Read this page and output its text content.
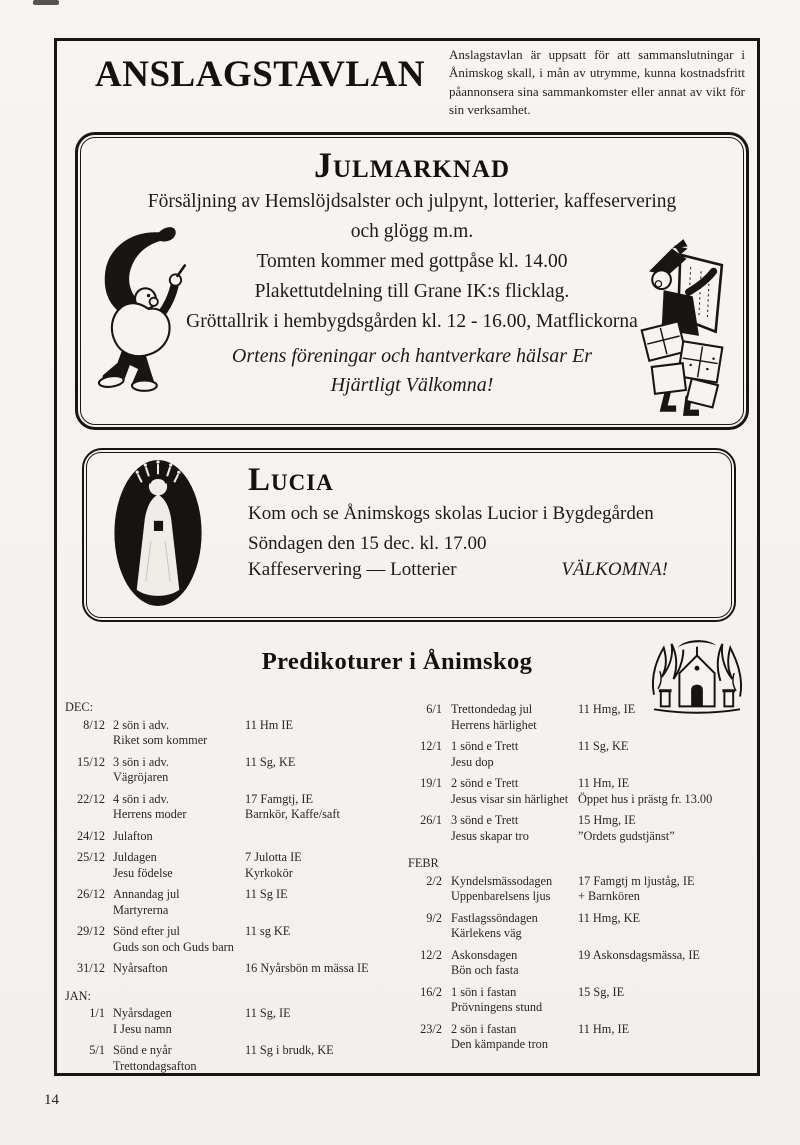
ANSLAGSTAVLAN Anslagstavlan är uppsatt för att sammanslutningar i Ånimskog skall, i mån av utrymme, kunna kostnadsfritt påannonsera sina sammankomster eller annat av vikt för sin verksamhet.
Julmarknad
Försäljning av Hemslöjdsalster och julpynt, lotterier, kaffeservering
och glögg m.m.
Tomten kommer med gottpåse kl. 14.00
Plakettutdelning till Grane IK:s flicklag.
Gröttallrik i hembygdsgården kl. 12 - 16.00, Matflickorna
Ortens föreningar och hantverkare hälsar Er
Hjärtligt Välkomna!
Lucia
Kom och se Ånimskogs skolas Lucior i Bygdegården
Söndagen den 15 dec. kl. 17.00
Kaffeservering — Lotterier	VÄLKOMNA!
Predikoturer i Ånimskog
DEC:
8/12 2 sön i adv.
Riket som kommer
11 Hm IE
15/12 3 sön i adv.
Vägröjaren
11 Sg, KE
22/12 4 sön i adv.
Herrens moder
17 Famgtj, IE
Barnkör, Kaffe/saft
24/12 Julafton
25/12 Juldagen
Jesu födelse
7 Julotta IE
Kyrkokör
26/12 Annandag jul
Martyrerna
11 Sg IE
29/12 Sönd efter jul
Guds son och Guds barn
11 sg KE
31/12 Nyårsafton	16 Nyårsbön m mässa IE
JAN:
1/1 Nyårsdagen
I Jesu namn
11 Sg, IE
5/1 Sönd e nyår
Trettondagsafton
11 Sg i brudk, KE
6/1 Trettondedag jul
Herrens härlighet
11 Hmg, IE
12/1 1 sönd e Trett
Jesu dop
11 Sg, KE
19/1 2 sönd e Trett
Jesus visar sin härlighet
11 Hm, IE
Öppet hus i prästg fr. 13.00
26/1 3 sönd e Trett
Jesus skapar tro
15 Hmg, IE
”Ordets gudstjänst”
FEBR
2/2 Kyndelsmässodagen
Uppenbarelsens ljus
17 Famgtj m ljuståg, IE
+ Barnkören
9/2 Fastlagssöndagen
Kärlekens väg
11 Hmg, KE
12/2 Askonsdagen
Bön och fasta
19 Askonsdagsmässa, IE
16/2 1 sön i fastan
Prövningens stund
15 Sg, IE
23/2 2 sön i fastan
Den kämpande tron
11 Hm, IE
14
